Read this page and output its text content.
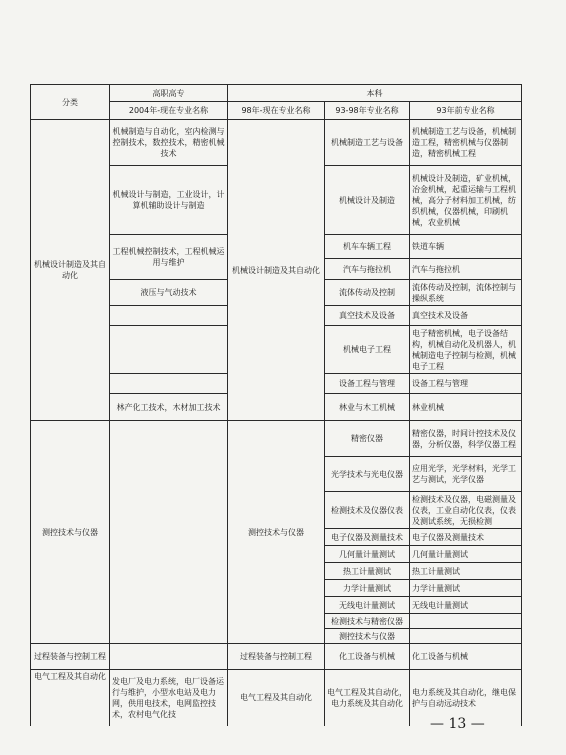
分类	高职高专	本科		
	2004年-现在专业名称	98年-现在专业名称	93-98年专业名称	93年前专业名称
机械设计制造及其自动化	机械制造与自动化，室内检测与控制技术，数控技术，精密机械技术	机械设计制造及其自动化	机械制造工艺与设备	机械制造工艺与设备，机械制造工程，精密机械与仪器制造，精密机械工程
	机械设计与制造，工业设计，计算机辅助设计与制造		机械设计及制造	机械设计及制造，矿业机械，冶金机械，起重运输与工程机械，高分子材料加工机械，纺织机械，仪器机械，印刷机械，农业机械
	工程机械控制技术，工程机械运用与维护		机车车辆工程	铁道车辆
			汽车与拖拉机	汽车与拖拉机
	液压与气动技术		流体传动及控制	流体传动及控制，流体控制与操纵系统
			真空技术及设备	真空技术及设备
			机械电子工程	电子精密机械，电子设备结构，机械自动化及机器人，机械制造电子控制与检测，机械电子工程
			设备工程与管理	设备工程与管理
	林产化工技术，木材加工技术		林业与木工机械	林业机械
测控技术与仪器		测控技术与仪器	精密仪器	精密仪器，时间计控技术及仪器，分析仪器，科学仪器工程
			光学技术与光电仪器	应用光学，光学材料，光学工艺与测试，光学仪器
			检测技术及仪器仪表	检测技术及仪器，电磁测量及仪表，工业自动化仪表，仪表及测试系统，无损检测
			电子仪器及测量技术	电子仪器及测量技术
			几何量计量测试	几何量计量测试
			热工计量测试	热工计量测试
			力学计量测试	力学计量测试
			无线电计量测试	无线电计量测试
			检测技术与精密仪器	
			测控技术与仪器	
过程装备与控制工程		过程装备与控制工程	化工设备与机械	化工设备与机械
电气工程及其自动化	发电厂及电力系统，电厂设备运行与维护，小型水电站及电力网，供用电技术，电网监控技术，农村电气化技	电气工程及其自动化	电气工程及其自动化，电力系统及其自动化	电力系统及其自动化，继电保护与自动远动技术
— 13 —
